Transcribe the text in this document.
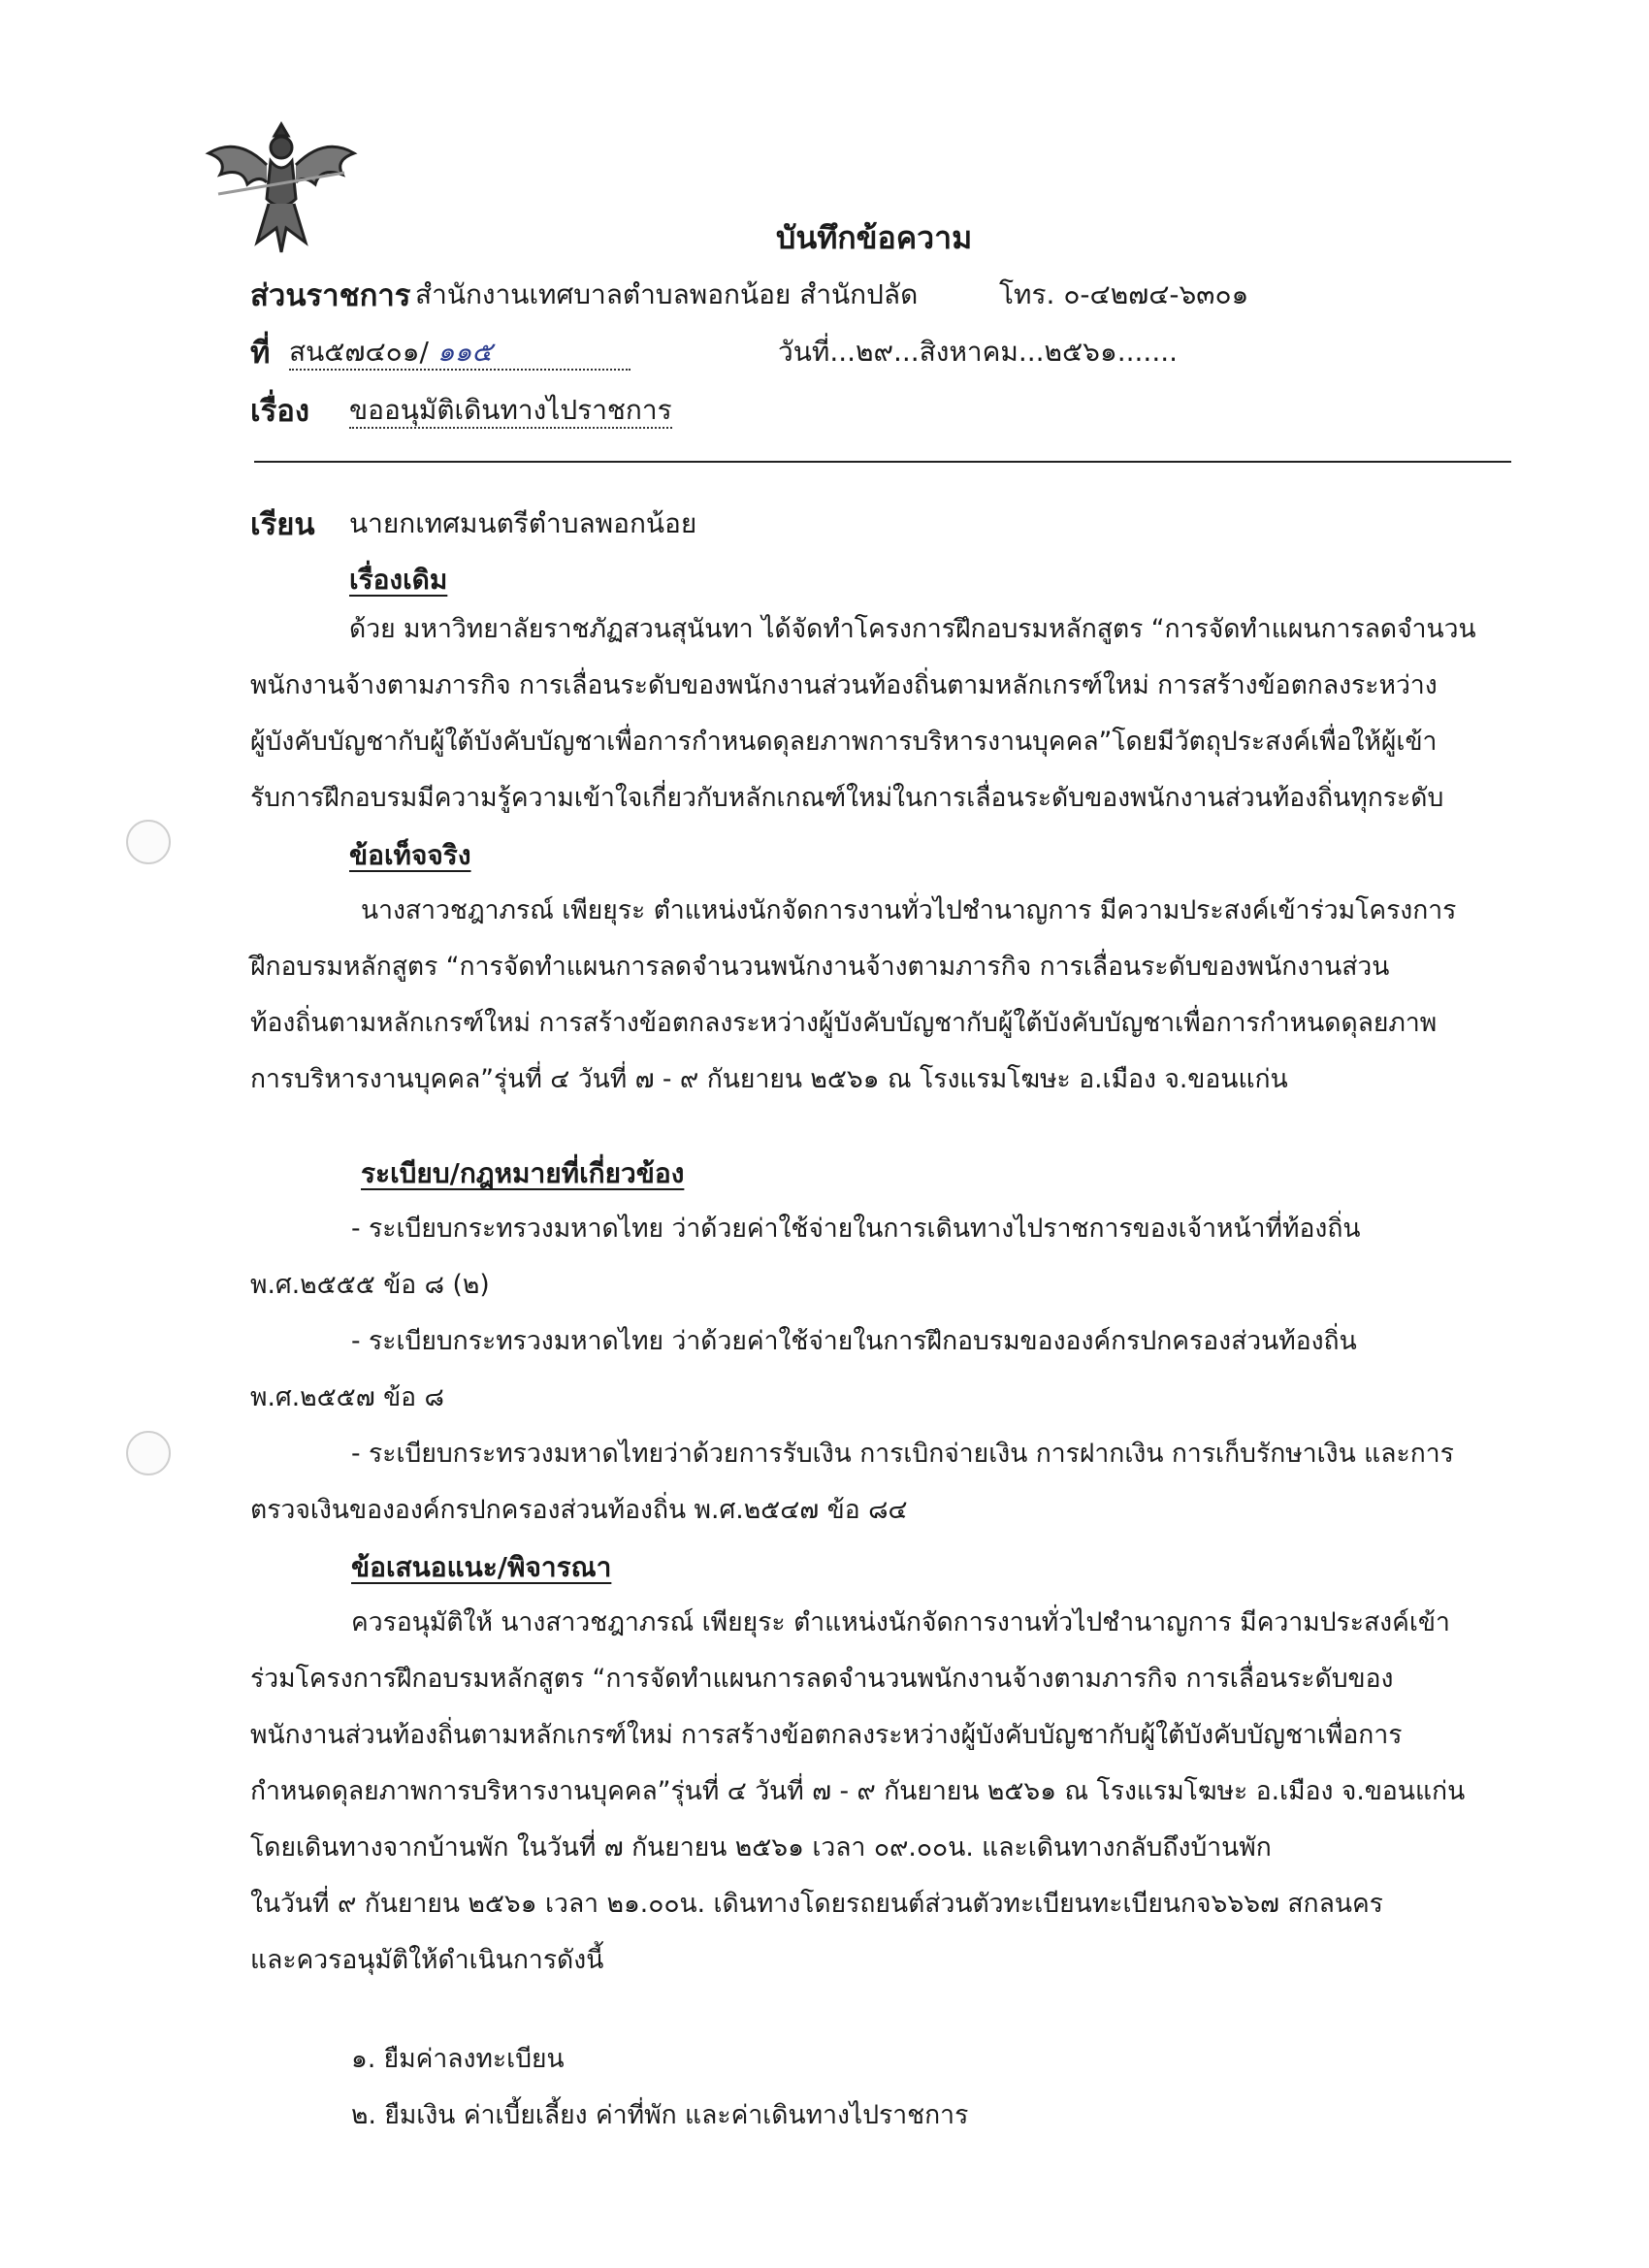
บันทึกข้อความ
ส่วนราชการ สำนักงานเทศบาลตำบลพอกน้อย สำนักปลัด	โทร. ๐-๔๒๗๔-๖๓๐๑
ที่ สน๕๗๔๐๑/ ๑๑๕	วันที่...๒๙...สิงหาคม...๒๕๖๑.......
เรื่อง ขออนุมัติเดินทางไปราชการ
เรียน นายกเทศมนตรีตำบลพอกน้อย
เรื่องเดิม
ด้วย มหาวิทยาลัยราชภัฏสวนสุนันทา ได้จัดทำโครงการฝึกอบรมหลักสูตร “การจัดทำแผนการลดจำนวน
พนักงานจ้างตามภารกิจ การเลื่อนระดับของพนักงานส่วนท้องถิ่นตามหลักเกรฑ์ใหม่ การสร้างข้อตกลงระหว่าง
ผู้บังคับบัญชากับผู้ใต้บังคับบัญชาเพื่อการกำหนดดุลยภาพการบริหารงานบุคคล”โดยมีวัตถุประสงค์เพื่อให้ผู้เข้า
รับการฝึกอบรมมีความรู้ความเข้าใจเกี่ยวกับหลักเกณฑ์ใหม่ในการเลื่อนระดับของพนักงานส่วนท้องถิ่นทุกระดับ
ข้อเท็จจริง
นางสาวชฎาภรณ์ เพียยุระ ตำแหน่งนักจัดการงานทั่วไปชำนาญการ มีความประสงค์เข้าร่วมโครงการ
ฝึกอบรมหลักสูตร “การจัดทำแผนการลดจำนวนพนักงานจ้างตามภารกิจ การเลื่อนระดับของพนักงานส่วน
ท้องถิ่นตามหลักเกรฑ์ใหม่ การสร้างข้อตกลงระหว่างผู้บังคับบัญชากับผู้ใต้บังคับบัญชาเพื่อการกำหนดดุลยภาพ
การบริหารงานบุคคล”รุ่นที่ ๔ วันที่ ๗ - ๙ กันยายน ๒๕๖๑ ณ โรงแรมโฆษะ อ.เมือง จ.ขอนแก่น
ระเบียบ/กฎหมายที่เกี่ยวข้อง
- ระเบียบกระทรวงมหาดไทย ว่าด้วยค่าใช้จ่ายในการเดินทางไปราชการของเจ้าหน้าที่ท้องถิ่น
พ.ศ.๒๕๕๕ ข้อ ๘ (๒)
- ระเบียบกระทรวงมหาดไทย ว่าด้วยค่าใช้จ่ายในการฝึกอบรมขององค์กรปกครองส่วนท้องถิ่น
พ.ศ.๒๕๕๗ ข้อ ๘
- ระเบียบกระทรวงมหาดไทยว่าด้วยการรับเงิน การเบิกจ่ายเงิน การฝากเงิน การเก็บรักษาเงิน และการ
ตรวจเงินขององค์กรปกครองส่วนท้องถิ่น พ.ศ.๒๕๔๗ ข้อ ๘๔
ข้อเสนอแนะ/พิจารณา
ควรอนุมัติให้ นางสาวชฎาภรณ์ เพียยุระ ตำแหน่งนักจัดการงานทั่วไปชำนาญการ มีความประสงค์เข้า
ร่วมโครงการฝึกอบรมหลักสูตร “การจัดทำแผนการลดจำนวนพนักงานจ้างตามภารกิจ การเลื่อนระดับของ
พนักงานส่วนท้องถิ่นตามหลักเกรฑ์ใหม่ การสร้างข้อตกลงระหว่างผู้บังคับบัญชากับผู้ใต้บังคับบัญชาเพื่อการ
กำหนดดุลยภาพการบริหารงานบุคคล”รุ่นที่ ๔ วันที่ ๗ - ๙ กันยายน ๒๕๖๑ ณ โรงแรมโฆษะ อ.เมือง จ.ขอนแก่น
โดยเดินทางจากบ้านพัก ในวันที่ ๗ กันยายน ๒๕๖๑ เวลา ๐๙.๐๐น. และเดินทางกลับถึงบ้านพัก
ในวันที่ ๙ กันยายน ๒๕๖๑ เวลา ๒๑.๐๐น. เดินทางโดยรถยนต์ส่วนตัวทะเบียนทะเบียนกจ๖๖๖๗ สกลนคร
และควรอนุมัติให้ดำเนินการดังนี้
๑. ยืมค่าลงทะเบียน
๒. ยืมเงิน ค่าเบี้ยเลี้ยง ค่าที่พัก และค่าเดินทางไปราชการ
